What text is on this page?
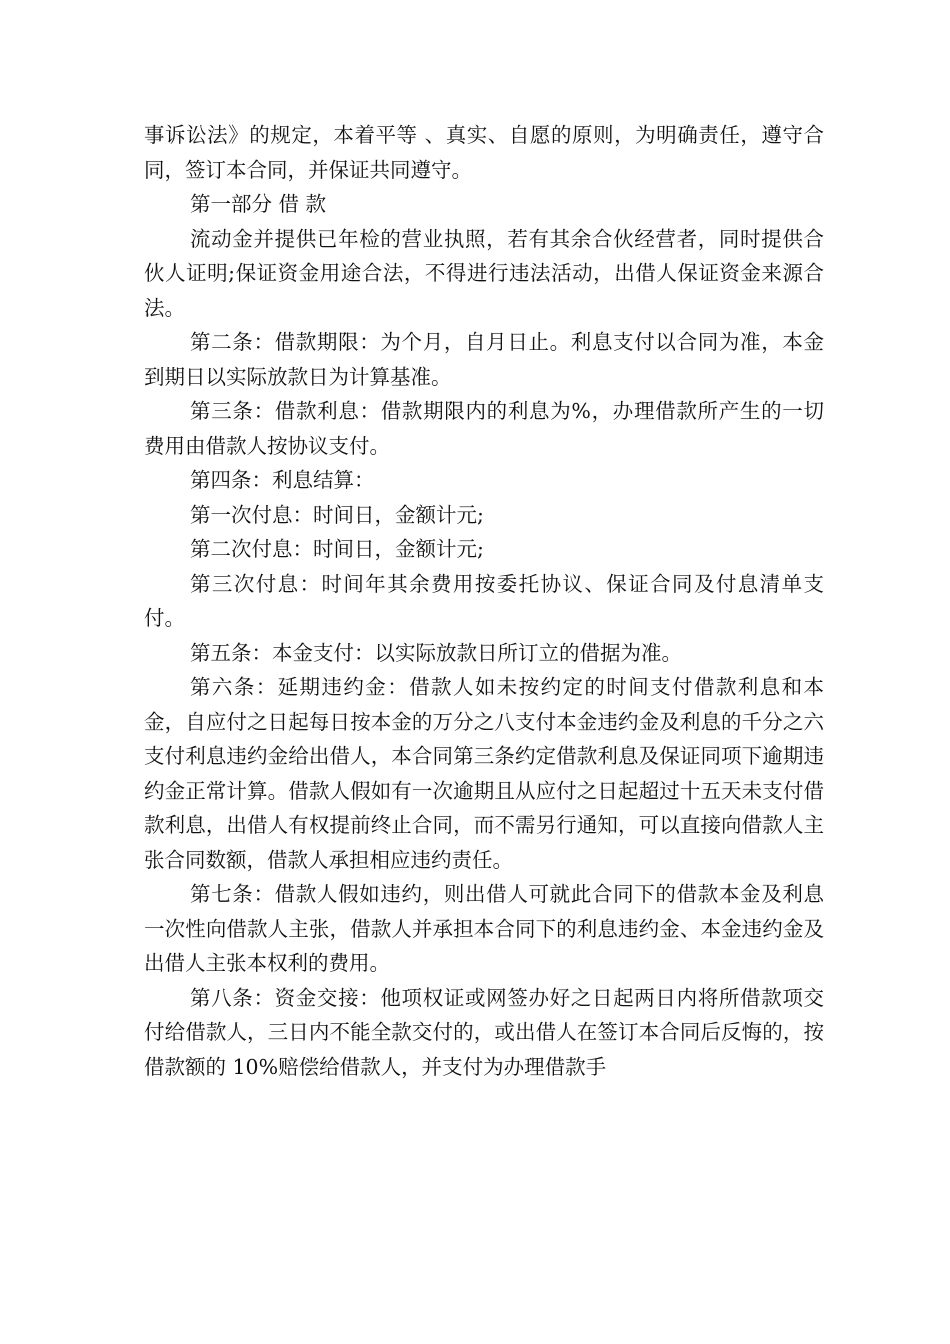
事诉讼法》的规定，本着平等 、真实、自愿的原则，为明确责任，遵守合同，签订本合同，并保证共同遵守。

第一部分 借 款

流动金并提供已年检的营业执照，若有其余合伙经营者，同时提供合伙人证明;保证资金用途合法，不得进行违法活动，出借人保证资金来源合法。

第二条：借款期限：为个月，自月日止。利息支付以合同为准，本金到期日以实际放款日为计算基准。

第三条：借款利息：借款期限内的利息为%，办理借款所产生的一切费用由借款人按协议支付。

第四条：利息结算：

第一次付息：时间日，金额计元;

第二次付息：时间日，金额计元;

第三次付息：时间年其余费用按委托协议、保证合同及付息清单支付。

第五条：本金支付：以实际放款日所订立的借据为准。

第六条：延期违约金：借款人如未按约定的时间支付借款利息和本金，自应付之日起每日按本金的万分之八支付本金违约金及利息的千分之六支付利息违约金给出借人，本合同第三条约定借款利息及保证同项下逾期违约金正常计算。借款人假如有一次逾期且从应付之日起超过十五天未支付借款利息，出借人有权提前终止合同，而不需另行通知，可以直接向借款人主张合同数额，借款人承担相应违约责任。

第七条：借款人假如违约，则出借人可就此合同下的借款本金及利息一次性向借款人主张，借款人并承担本合同下的利息违约金、本金违约金及出借人主张本权利的费用。

第八条：资金交接：他项权证或网签办好之日起两日内将所借款项交付给借款人，三日内不能全款交付的，或出借人在签订本合同后反悔的，按借款额的 10%赔偿给借款人，并支付为办理借款手
